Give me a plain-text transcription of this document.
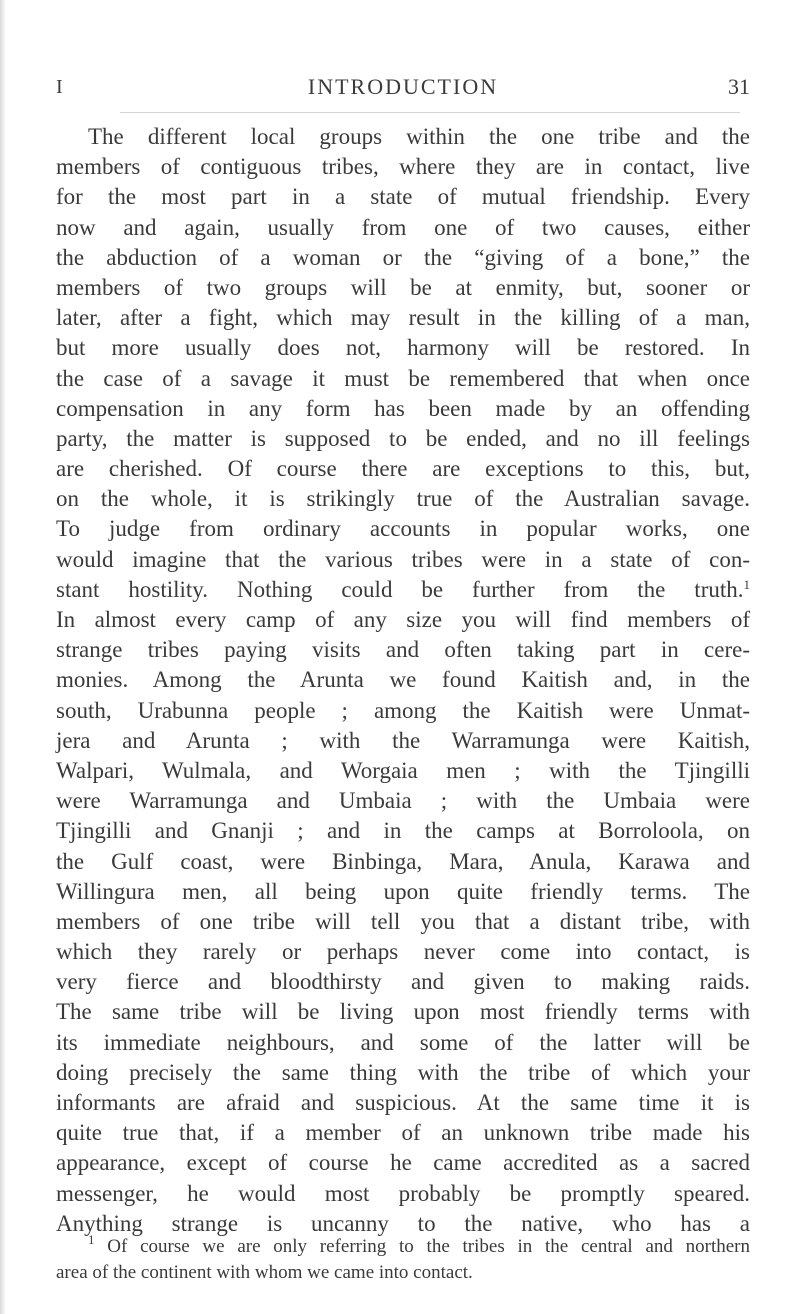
I	INTRODUCTION	31
The different local groups within the one tribe and the
members of contiguous tribes, where they are in contact, live
for the most part in a state of mutual friendship. Every
now and again, usually from one of two causes, either
the abduction of a woman or the “giving of a bone,” the
members of two groups will be at enmity, but, sooner or
later, after a fight, which may result in the killing of a man,
but more usually does not, harmony will be restored. In
the case of a savage it must be remembered that when once
compensation in any form has been made by an offending
party, the matter is supposed to be ended, and no ill feelings
are cherished. Of course there are exceptions to this, but,
on the whole, it is strikingly true of the Australian savage.
To judge from ordinary accounts in popular works, one
would imagine that the various tribes were in a state of con-
stant hostility. Nothing could be further from the truth.$^1$
In almost every camp of any size you will find members of
strange tribes paying visits and often taking part in cere-
monies. Among the Arunta we found Kaitish and, in the
south, Urabunna people ; among the Kaitish were Unmat-
jera and Arunta ; with the Warramunga were Kaitish,
Walpari, Wulmala, and Worgaia men ; with the Tjingilli
were Warramunga and Umbaia ; with the Umbaia were
Tjingilli and Gnanji ; and in the camps at Borroloola, on
the Gulf coast, were Binbinga, Mara, Anula, Karawa and
Willingura men, all being upon quite friendly terms. The
members of one tribe will tell you that a distant tribe, with
which they rarely or perhaps never come into contact, is
very fierce and bloodthirsty and given to making raids.
The same tribe will be living upon most friendly terms with
its immediate neighbours, and some of the latter will be
doing precisely the same thing with the tribe of which your
informants are afraid and suspicious. At the same time it is
quite true that, if a member of an unknown tribe made his
appearance, except of course he came accredited as a sacred
messenger, he would most probably be promptly speared.
Anything strange is uncanny to the native, who has a
$^1$ Of course we are only referring to the tribes in the central and northern
area of the continent with whom we came into contact.
